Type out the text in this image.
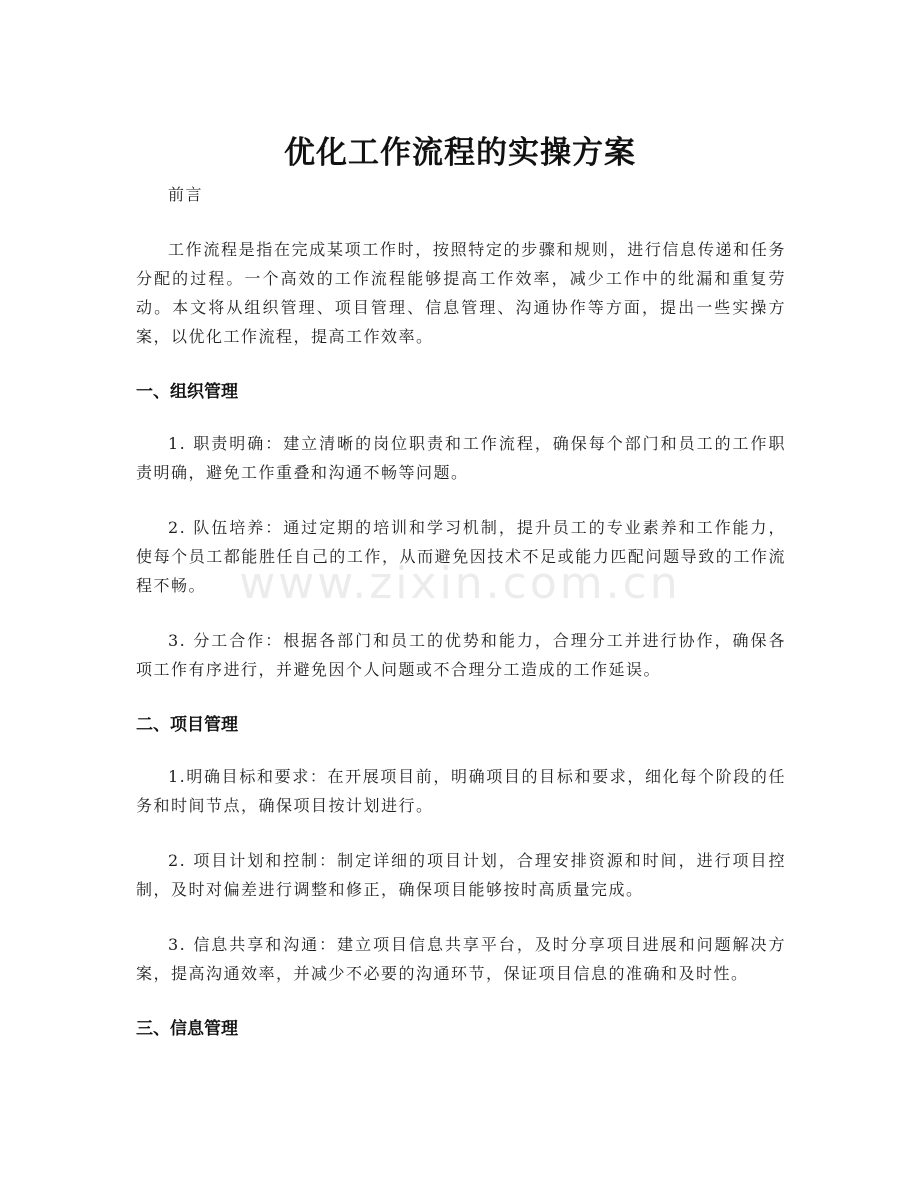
www.zixin.com.cn
优化工作流程的实操方案

前言

工作流程是指在完成某项工作时，按照特定的步骤和规则，进行信息传递和任务分配的过程。一个高效的工作流程能够提高工作效率，减少工作中的纰漏和重复劳动。本文将从组织管理、项目管理、信息管理、沟通协作等方面，提出一些实操方案，以优化工作流程，提高工作效率。

一、组织管理

1. 职责明确：建立清晰的岗位职责和工作流程，确保每个部门和员工的工作职责明确，避免工作重叠和沟通不畅等问题。

2. 队伍培养：通过定期的培训和学习机制，提升员工的专业素养和工作能力，使每个员工都能胜任自己的工作，从而避免因技术不足或能力匹配问题导致的工作流程不畅。

3. 分工合作：根据各部门和员工的优势和能力，合理分工并进行协作，确保各项工作有序进行，并避免因个人问题或不合理分工造成的工作延误。

二、项目管理

1.明确目标和要求：在开展项目前，明确项目的目标和要求，细化每个阶段的任务和时间节点，确保项目按计划进行。

2. 项目计划和控制：制定详细的项目计划，合理安排资源和时间，进行项目控制，及时对偏差进行调整和修正，确保项目能够按时高质量完成。

3. 信息共享和沟通：建立项目信息共享平台，及时分享项目进展和问题解决方案，提高沟通效率，并减少不必要的沟通环节，保证项目信息的准确和及时性。

三、信息管理
